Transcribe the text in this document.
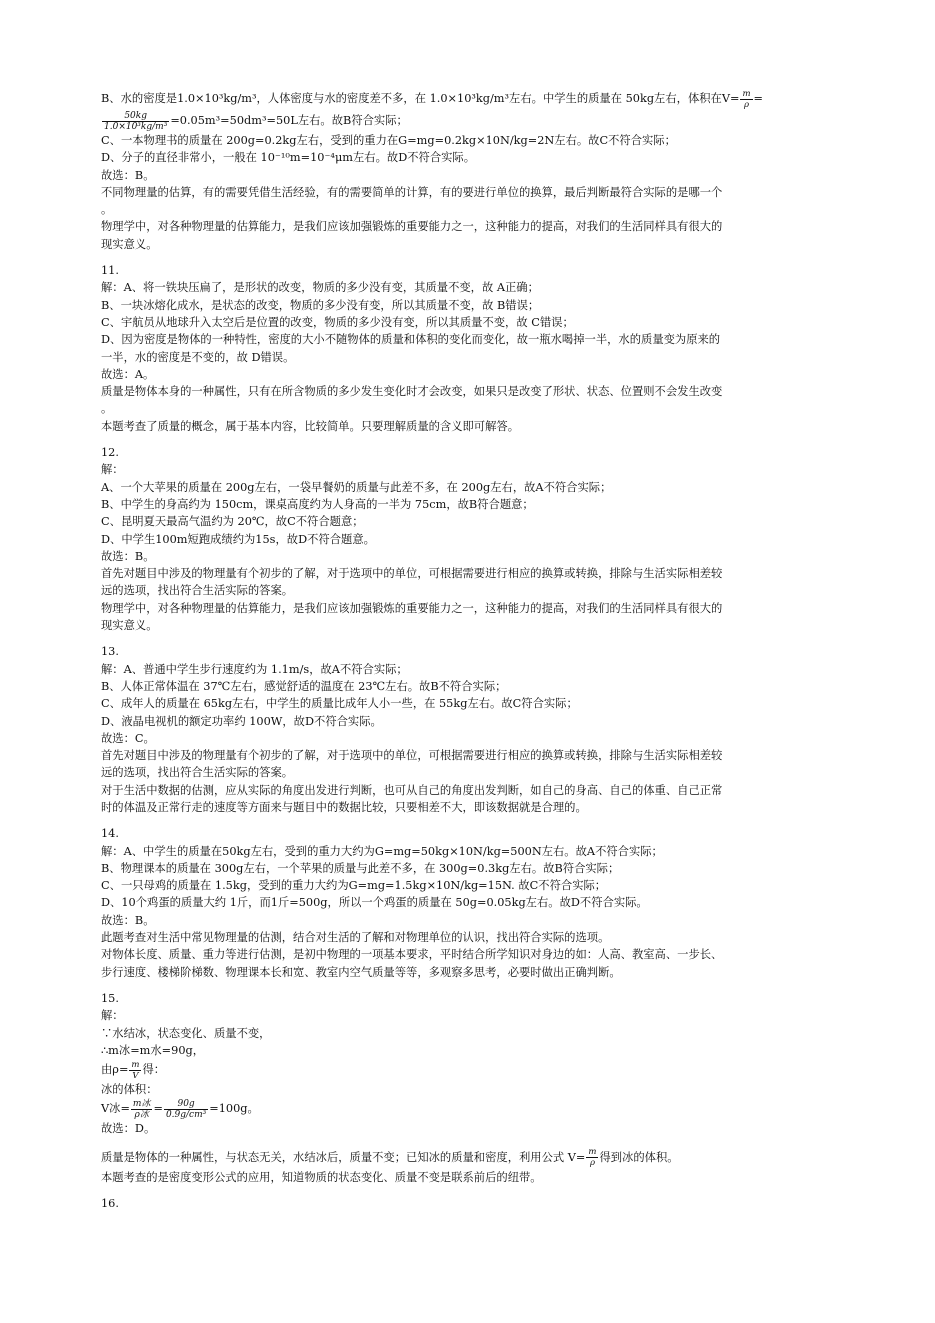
B、水的密度是1.0×10³kg/m³，人体密度与水的密度差不多，在 1.0×10³kg/m³左右。中学生的质量在 50kg左右，体积在$V= \frac{m}{\rho}$ =
$\frac{50kg}{\text{1.0×10³kg/m³}} =0.05m^3=50dm^3=50L$左右。故B符合实际；
C、一本物理书的质量在 200g=0.2kg左右，受到的重力在G=mg=0.2kg×10N/kg=2N左右。故C不符合实际；
D、分子的直径非常小，一般在 10⁻¹⁰m=10⁻⁴μm左右。故D不符合实际。
故选：B。
不同物理量的估算，有的需要凭借生活经验，有的需要简单的计算，有的要进行单位的换算，最后判断最符合实际的是哪一个
。
物理学中，对各种物理量的估算能力，是我们应该加强锻炼的重要能力之一，这种能力的提高，对我们的生活同样具有很大的
现实意义。
11.
解：A、将一铁块压扁了，是形状的改变，物质的多少没有变，其质量不变，故 A正确；
B、一块冰熔化成水，是状态的改变，物质的多少没有变，所以其质量不变，故 B错误；
C、宇航员从地球升入太空后是位置的改变，物质的多少没有变，所以其质量不变，故 C错误；
D、因为密度是物体的一种特性，密度的大小不随物体的质量和体积的变化而变化，故一瓶水喝掉一半，水的质量变为原来的
一半，水的密度是不变的，故 D错误。
故选：A。
质量是物体本身的一种属性，只有在所含物质的多少发生变化时才会改变，如果只是改变了形状、状态、位置则不会发生改变
。
本题考查了质量的概念，属于基本内容，比较简单。只要理解质量的含义即可解答。
12.
解：
A、一个大苹果的质量在 200g左右，一袋早餐奶的质量与此差不多，在 200g左右，故A不符合实际；
B、中学生的身高约为 150cm，课桌高度约为人身高的一半为 75cm，故B符合题意；
C、昆明夏天最高气温约为 20℃，故C不符合题意；
D、中学生100m短跑成绩约为15s，故D不符合题意。
故选：B。
首先对题目中涉及的物理量有个初步的了解，对于选项中的单位，可根据需要进行相应的换算或转换，排除与生活实际相差较
远的选项，找出符合生活实际的答案。
物理学中，对各种物理量的估算能力，是我们应该加强锻炼的重要能力之一，这种能力的提高，对我们的生活同样具有很大的
现实意义。
13.
解：A、普通中学生步行速度约为 1.1m/s，故A不符合实际；
B、人体正常体温在 37℃左右，感觉舒适的温度在 23℃左右。故B不符合实际；
C、成年人的质量在 65kg左右，中学生的质量比成年人小一些，在 55kg左右。故C符合实际；
D、液晶电视机的额定功率约 100W，故D不符合实际。
故选：C。
首先对题目中涉及的物理量有个初步的了解，对于选项中的单位，可根据需要进行相应的换算或转换，排除与生活实际相差较
远的选项，找出符合生活实际的答案。
对于生活中数据的估测，应从实际的角度出发进行判断，也可从自己的角度出发判断，如自己的身高、自己的体重、自己正常
时的体温及正常行走的速度等方面来与题目中的数据比较，只要相差不大，即该数据就是合理的。
14.
解：A、中学生的质量在50kg左右，受到的重力大约为G=mg=50kg×10N/kg=500N左右。故A不符合实际；
B、物理课本的质量在 300g左右，一个苹果的质量与此差不多，在 300g=0.3kg左右。故B符合实际；
C、一只母鸡的质量在 1.5kg，受到的重力大约为G=mg=1.5kg×10N/kg=15N. 故C不符合实际；
D、10个鸡蛋的质量大约 1斤，而1斤=500g，所以一个鸡蛋的质量在 50g=0.05kg左右。故D不符合实际。
故选：B。
此题考查对生活中常见物理量的估测，结合对生活的了解和对物理单位的认识，找出符合实际的选项。
对物体长度、质量、重力等进行估测，是初中物理的一项基本要求，平时结合所学知识对身边的如：人高、教室高、一步长、
步行速度、楼梯阶梯数、物理课本长和宽、教室内空气质量等等，多观察多思考，必要时做出正确判断。
15.
解：
∵水结冰，状态变化、质量不变，
∴m冰=m水=90g，
由$\rho= \frac{m}{V}$ 得：
冰的体积：
V冰= $\frac{\text{m冰}}{\text{ρ冰}} = \frac{90g}{\text{0.9g/cm³}} =100g$。
故选：D。
质量是物体的一种属性，与状态无关，水结冰后，质量不变；已知冰的质量和密度，利用公式 $V= \frac{m}{\rho}$ 得到冰的体积。
本题考查的是密度变形公式的应用，知道物质的状态变化、质量不变是联系前后的纽带。
16.
